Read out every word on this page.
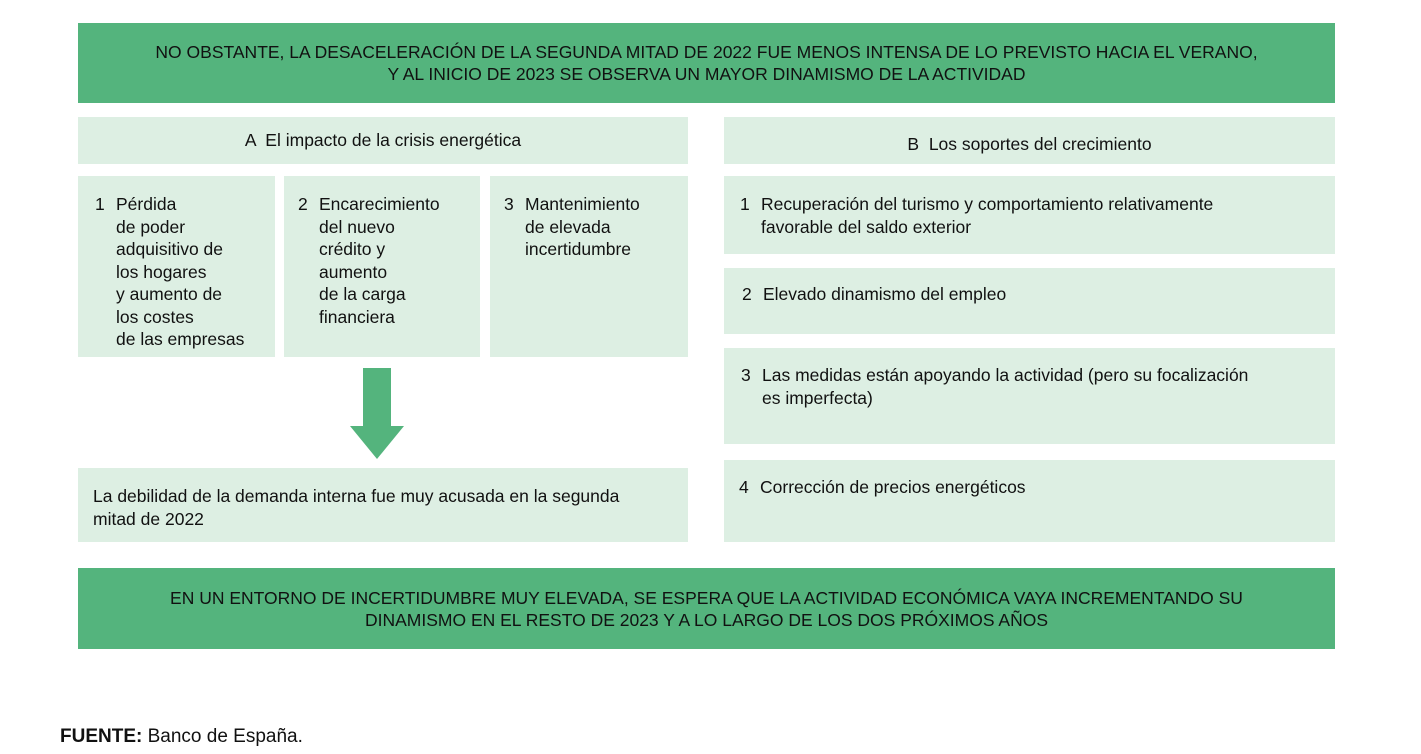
NO OBSTANTE, LA DESACELERACIÓN DE LA SEGUNDA MITAD DE 2022 FUE MENOS INTENSA DE LO PREVISTO HACIA EL VERANO,
Y AL INICIO DE 2023 SE OBSERVA UN MAYOR DINAMISMO DE LA ACTIVIDAD
A  El impacto de la crisis energética
1 Pérdida
de poder
adquisitivo de
los hogares
y aumento de
los costes
de las empresas
2 Encarecimiento
del nuevo
crédito y
aumento
de la carga
financiera
3 Mantenimiento
de elevada
incertidumbre
La debilidad de la demanda interna fue muy acusada en la segunda
mitad de 2022
B  Los soportes del crecimiento
1 Recuperación del turismo y comportamiento relativamente
favorable del saldo exterior
2 Elevado dinamismo del empleo
3 Las medidas están apoyando la actividad (pero su focalización
es imperfecta)
4 Corrección de precios energéticos
EN UN ENTORNO DE INCERTIDUMBRE MUY ELEVADA, SE ESPERA QUE LA ACTIVIDAD ECONÓMICA VAYA INCREMENTANDO SU
DINAMISMO EN EL RESTO DE 2023 Y A LO LARGO DE LOS DOS PRÓXIMOS AÑOS
FUENTE: Banco de España.
